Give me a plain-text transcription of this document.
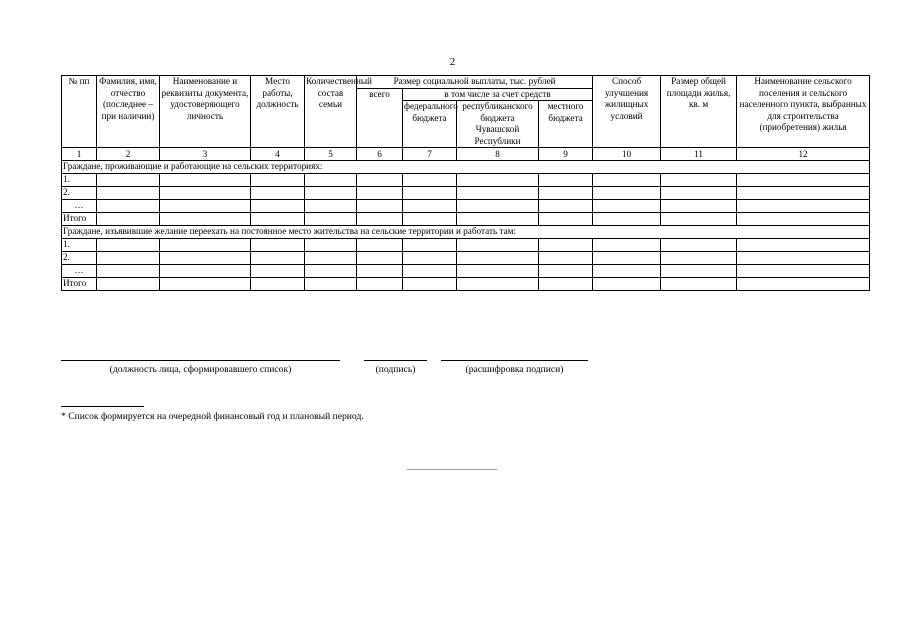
2
№ пп	Фамилия, имя, отчество (последнее – при наличии)	Наименование и реквизиты документа, удостоверяющего личность	Место работы, должность	Количественный состав семьи	Размер социальной выплаты, тыс. рублей				Способ улучшения жилищных условий	Размер общей площади жилья, кв. м	Наименование сельского поселения и сельского населенного пункта, выбранных для строительства (приобретения) жилья
					всего	в том числе за счет средств					
						федерального бюджета	республиканского бюджета Чувашской Республики	местного бюджета			
1	2	3	4	5	6	7	8	9	10	11	12
Граждане, проживающие и работающие на сельских территориях:											
1.											
2.											
…											
Итого											
Граждане, изъявившие желание переехать на постоянное место жительства на сельские территории и работать там:											
1.											
2.											
…											
Итого											
(должность лица, сформировавшего список)	(подпись)	(расшифровка подписи)
* Список формируется на очередной финансовый год и плановый период.
